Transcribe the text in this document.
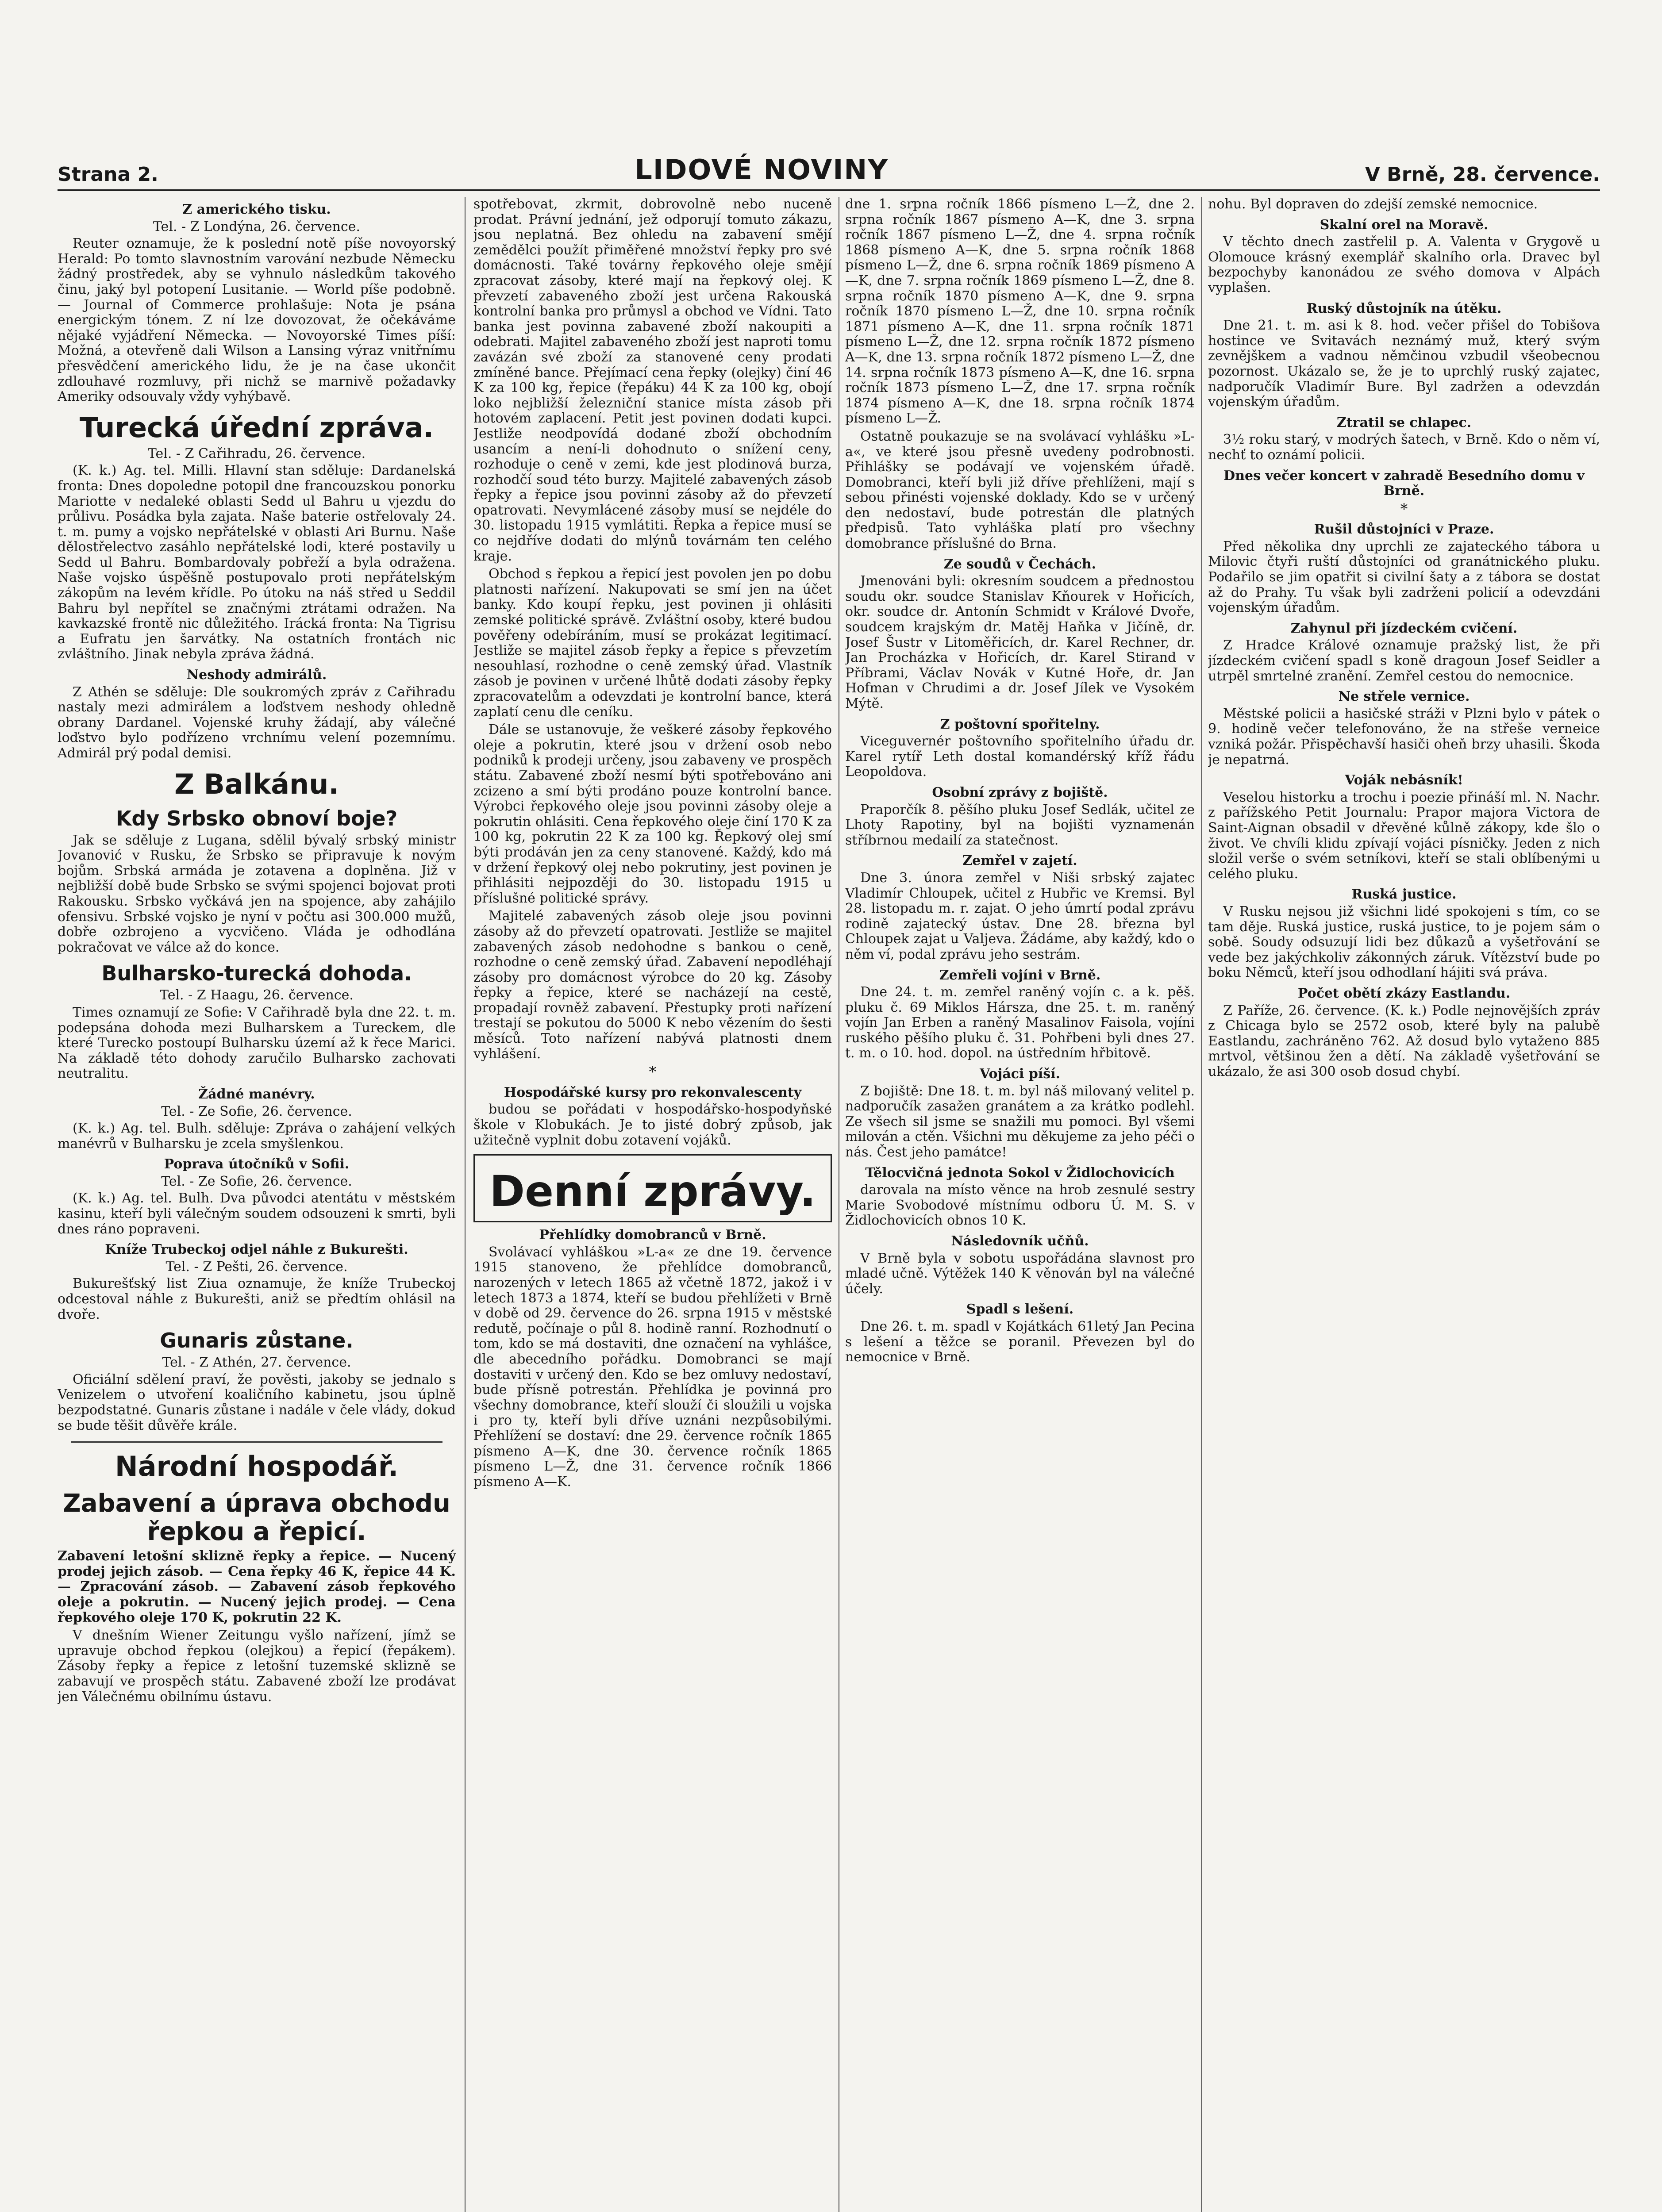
Strana 2.	LIDOVÉ NOVINY	V Brně, 28. července.
Z amerického tisku.
Tel. - Z Londýna, 26. července.

Reuter oznamuje, že k poslední notě píše novoyorský Herald: Po tomto slavnostním varování nezbude Německu žádný prostředek, aby se vyhnulo následkům takového činu, jaký byl potopení Lusitanie. — World píše podobně. — Journal of Commerce prohlašuje: Nota je psána energickým tónem. Z ní lze dovozovat, že očekáváme nějaké vyjádření Německa. — Novoyorské Times píší: Možná, a otevřeně dali Wilson a Lansing výraz vnitřnímu přesvědčení amerického lidu, že je na čase ukončit zdlouhavé rozmluvy, při nichž se marnivě požadavky Ameriky odsouvaly vždy vyhýbavě.

Turecká úřední zpráva.
Tel. - Z Cařihradu, 26. července.

(K. k.) Ag. tel. Milli. Hlavní stan sděluje: Dardanelská fronta: Dnes dopoledne potopil dne francouzskou ponorku Mariotte v nedaleké oblasti Sedd ul Bahru u vjezdu do průlivu. Posádka byla zajata. Naše baterie ostřelovaly 24. t. m. pumy a vojsko nepřátelské v oblasti Ari Burnu. Naše dělostřelectvo zasáhlo nepřátelské lodi, které postavily u Sedd ul Bahru. Bombardovaly pobřeží a byla odražena. Naše vojsko úspěšně postupovalo proti nepřátelským zákopům na levém křídle. Po útoku na náš střed u Seddil Bahru byl nepřítel se značnými ztrátami odražen. Na kavkazské frontě nic důležitého. Irácká fronta: Na Tigrisu a Eufratu jen šarvátky. Na ostatních frontách nic zvláštního. Jinak nebyla zpráva žádná.

Neshody admirálů.

Z Athén se sděluje: Dle soukromých zpráv z Cařihradu nastaly mezi admirálem a loďstvem neshody ohledně obrany Dardanel. Vojenské kruhy žádají, aby válečné loďstvo bylo podřízeno vrchnímu velení pozemnímu. Admirál prý podal demisi.

Z Balkánu.
Kdy Srbsko obnoví boje?

Jak se sděluje z Lugana, sdělil bývalý srbský ministr Jovanović v Rusku, že Srbsko se připravuje k novým bojům. Srbská armáda je zotavena a doplněna. Již v nejbližší době bude Srbsko se svými spojenci bojovat proti Rakousku. Srbsko vyčkává jen na spojence, aby zahájilo ofensivu. Srbské vojsko je nyní v počtu asi 300.000 mužů, dobře ozbrojeno a vycvičeno. Vláda je odhodlána pokračovat ve válce až do konce.

Bulharsko-turecká dohoda.
Tel. - Z Haagu, 26. července.

Times oznamují ze Sofie: V Cařihradě byla dne 22. t. m. podepsána dohoda mezi Bulharskem a Tureckem, dle které Turecko postoupí Bulharsku území až k řece Marici. Na základě této dohody zaručilo Bulharsko zachovati neutralitu.

Žádné manévry.
Tel. - Ze Sofie, 26. července.

(K. k.) Ag. tel. Bulh. sděluje: Zpráva o zahájení velkých manévrů v Bulharsku je zcela smyšlenkou.

Poprava útočníků v Sofii.
Tel. - Ze Sofie, 26. července.

(K. k.) Ag. tel. Bulh. Dva původci atentátu v městském kasinu, kteří byli válečným soudem odsouzeni k smrti, byli dnes ráno popraveni.

Kníže Trubeckoj odjel náhle z Bukurešti.
Tel. - Z Pešti, 26. července.

Bukurešťský list Ziua oznamuje, že kníže Trubeckoj odcestoval náhle z Bukurešti, aniž se předtím ohlásil na dvoře.

Gunaris zůstane.
Tel. - Z Athén, 27. července.

Oficiální sdělení praví, že pověsti, jakoby se jednalo s Venizelem o utvoření koaličního kabinetu, jsou úplně bezpodstatné. Gunaris zůstane i nadále v čele vlády, dokud se bude těšit důvěře krále.

Národní hospodář.
Zabavení a úprava obchodu řepkou a řepicí.

Zabavení letošní sklizně řepky a řepice. — Nucený prodej jejich zásob. — Cena řepky 46 K, řepice 44 K. — Zpracování zásob. — Zabavení zásob řepkového oleje a pokrutin. — Nucený jejich prodej. — Cena řepkového oleje 170 K, pokrutin 22 K.

V dnešním Wiener Zeitungu vyšlo nařízení, jímž se upravuje obchod řepkou (olejkou) a řepicí (řepákem). Zásoby řepky a řepice z letošní tuzemské sklizně se zabavují ve prospěch státu. Zabavené zboží lze prodávat jen Válečnému obilnímu ústavu.

spotřebovat, zkrmit, dobrovolně nebo nuceně prodat. Právní jednání, jež odporují tomuto zákazu, jsou neplatná. Bez ohledu na zabavení smějí zemědělci použít přiměřené množství řepky pro své domácnosti. Také továrny řepkového oleje smějí zpracovat zásoby, které mají na řepkový olej. K převzetí zabaveného zboží jest určena Rakouská kontrolní banka pro průmysl a obchod ve Vídni. Tato banka jest povinna zabavené zboží nakoupiti a odebrati. Majitel zabaveného zboží jest naproti tomu zavázán své zboží za stanovené ceny prodati zmíněné bance. Přejímací cena řepky (olejky) činí 46 K za 100 kg, řepice (řepáku) 44 K za 100 kg, obojí loko nejbližší železniční stanice místa zásob při hotovém zaplacení. Petit jest povinen dodati kupci. Jestliže neodpovídá dodané zboží obchodním usancím a není-li dohodnuto o snížení ceny, rozhoduje o ceně v zemi, kde jest plodinová burza, rozhodčí soud této burzy. Majitelé zabavených zásob řepky a řepice jsou povinni zásoby až do převzetí opatrovati. Nevymlácené zásoby musí se nejdéle do 30. listopadu 1915 vymlátiti. Řepka a řepice musí se co nejdříve dodati do mlýnů továrnám ten celého kraje.

Obchod s řepkou a řepicí jest povolen jen po dobu platnosti nařízení. Nakupovati se smí jen na účet banky. Kdo koupí řepku, jest povinen ji ohlásiti zemské politické správě. Zvláštní osoby, které budou pověřeny odebíráním, musí se prokázat legitimací. Jestliže se majitel zásob řepky a řepice s převzetím nesouhlasí, rozhodne o ceně zemský úřad. Vlastník zásob je povinen v určené lhůtě dodati zásoby řepky zpracovatelům a odevzdati je kontrolní bance, která zaplatí cenu dle ceníku.

Dále se ustanovuje, že veškeré zásoby řepkového oleje a pokrutin, které jsou v držení osob nebo podniků k prodeji určeny, jsou zabaveny ve prospěch státu. Zabavené zboží nesmí býti spotřebováno ani zcizeno a smí býti prodáno pouze kontrolní bance. Výrobci řepkového oleje jsou povinni zásoby oleje a pokrutin ohlásiti. Cena řepkového oleje činí 170 K za 100 kg, pokrutin 22 K za 100 kg. Řepkový olej smí býti prodáván jen za ceny stanovené. Každý, kdo má v držení řepkový olej nebo pokrutiny, jest povinen je přihlásiti nejpozději do 30. listopadu 1915 u příslušné politické správy.

Majitelé zabavených zásob oleje jsou povinni zásoby až do převzetí opatrovati. Jestliže se majitel zabavených zásob nedohodne s bankou o ceně, rozhodne o ceně zemský úřad. Zabavení nepodléhají zásoby pro domácnost výrobce do 20 kg. Zásoby řepky a řepice, které se nacházejí na cestě, propadají rovněž zabavení. Přestupky proti nařízení trestají se pokutou do 5000 K nebo vězením do šesti měsíců. Toto nařízení nabývá platnosti dnem vyhlášení.

*
Hospodářské kursy pro rekonvalescenty

budou se pořádati v hospodářsko-hospodyňské škole v Klobukách. Je to jisté dobrý způsob, jak užitečně vyplnit dobu zotavení vojáků.

Denní zprávy.
Přehlídky domobranců v Brně.

Svolávací vyhláškou »L-a« ze dne 19. července 1915 stanoveno, že přehlídce domobranců, narozených v letech 1865 až včetně 1872, jakož i v letech 1873 a 1874, kteří se budou přehlížeti v Brně v době od 29. července do 26. srpna 1915 v městské redutě, počínaje o půl 8. hodině ranní. Rozhodnutí o tom, kdo se má dostaviti, dne označení na vyhlášce, dle abecedního pořádku. Domobranci se mají dostaviti v určený den. Kdo se bez omluvy nedostaví, bude přísně potrestán. Přehlídka je povinná pro všechny domobrance, kteří slouží či sloužili u vojska i pro ty, kteří byli dříve uznáni nezpůsobilými. Přehlížení se dostaví: dne 29. července ročník 1865 písmeno A—K, dne 30. července ročník 1865 písmeno L—Ž, dne 31. července ročník 1866 písmeno A—K.

dne 1. srpna ročník 1866 písmeno L—Ž, dne 2. srpna ročník 1867 písmeno A—K, dne 3. srpna ročník 1867 písmeno L—Ž, dne 4. srpna ročník 1868 písmeno A—K, dne 5. srpna ročník 1868 písmeno L—Ž, dne 6. srpna ročník 1869 písmeno A—K, dne 7. srpna ročník 1869 písmeno L—Ž, dne 8. srpna ročník 1870 písmeno A—K, dne 9. srpna ročník 1870 písmeno L—Ž, dne 10. srpna ročník 1871 písmeno A—K, dne 11. srpna ročník 1871 písmeno L—Ž, dne 12. srpna ročník 1872 písmeno A—K, dne 13. srpna ročník 1872 písmeno L—Ž, dne 14. srpna ročník 1873 písmeno A—K, dne 16. srpna ročník 1873 písmeno L—Ž, dne 17. srpna ročník 1874 písmeno A—K, dne 18. srpna ročník 1874 písmeno L—Ž.

Ostatně poukazuje se na svolávací vyhlášku »L-a«, ve které jsou přesně uvedeny podrobnosti. Přihlášky se podávají ve vojenském úřadě. Domobranci, kteří byli již dříve přehlíženi, mají s sebou přinésti vojenské doklady. Kdo se v určený den nedostaví, bude potrestán dle platných předpisů. Tato vyhláška platí pro všechny domobrance příslušné do Brna.

Ze soudů v Čechách.

Jmenováni byli: okresním soudcem a přednostou soudu okr. soudce Stanislav Kňourek v Hořicích, okr. soudce dr. Antonín Schmidt v Králové Dvoře, soudcem krajským dr. Matěj Haňka v Jičíně, dr. Josef Šustr v Litoměřicích, dr. Karel Rechner, dr. Jan Procházka v Hořicích, dr. Karel Stirand v Příbrami, Václav Novák v Kutné Hoře, dr. Jan Hofman v Chrudimi a dr. Josef Jílek ve Vysokém Mýtě.

Z poštovní spořitelny.

Viceguvernér poštovního spořitelního úřadu dr. Karel rytíř Leth dostal komandérský kříž řádu Leopoldova.

Osobní zprávy z bojiště.

Praporčík 8. pěšího pluku Josef Sedlák, učitel ze Lhoty Rapotiny, byl na bojišti vyznamenán stříbrnou medailí za statečnost.

Zemřel v zajetí.

Dne 3. února zemřel v Niši srbský zajatec Vladimír Chloupek, učitel z Hubřic ve Kremsi. Byl 28. listopadu m. r. zajat. O jeho úmrtí podal zprávu rodině zajatecký ústav. Dne 28. března byl Chloupek zajat u Valjeva. Žádáme, aby každý, kdo o něm ví, podal zprávu jeho sestrám.

Zemřeli vojíni v Brně.

Dne 24. t. m. zemřel raněný vojín c. a k. pěš. pluku č. 69 Miklos Hársza, dne 25. t. m. raněný vojín Jan Erben a raněný Masalinov Faisola, vojíni ruského pěšího pluku č. 31. Pohřbeni byli dnes 27. t. m. o 10. hod. dopol. na ústředním hřbitově.

Vojáci píší.

Z bojiště: Dne 18. t. m. byl náš milovaný velitel p. nadporučík zasažen granátem a za krátko podlehl. Ze všech sil jsme se snažili mu pomoci. Byl všemi milován a ctěn. Všichni mu děkujeme za jeho péči o nás. Čest jeho památce!

Tělocvičná jednota Sokol v Židlochovicích

darovala na místo věnce na hrob zesnulé sestry Marie Svobodové místnímu odboru Ú. M. S. v Židlochovicích obnos 10 K.

Následovník učňů.

V Brně byla v sobotu uspořádána slavnost pro mladé učně. Výtěžek 140 K věnován byl na válečné účely.

Spadl s lešení.

Dne 26. t. m. spadl v Kojátkách 61letý Jan Pecina s lešení a těžce se poranil. Převezen byl do nemocnice v Brně.

nohu. Byl dopraven do zdejší zemské nemocnice.

Skalní orel na Moravě.

V těchto dnech zastřelil p. A. Valenta v Grygově u Olomouce krásný exemplář skalního orla. Dravec byl bezpochyby kanonádou ze svého domova v Alpách vyplašen.

Ruský důstojník na útěku.

Dne 21. t. m. asi k 8. hod. večer přišel do Tobišova hostince ve Svitavách neznámý muž, který svým zevnějškem a vadnou němčinou vzbudil všeobecnou pozornost. Ukázalo se, že je to uprchlý ruský zajatec, nadporučík Vladimír Bure. Byl zadržen a odevzdán vojenským úřadům.

Ztratil se chlapec.

3½ roku starý, v modrých šatech, v Brně. Kdo o něm ví, nechť to oznámí policii.

Dnes večer koncert v zahradě Besedního domu v Brně.
*
Rušil důstojníci v Praze.

Před několika dny uprchli ze zajateckého tábora u Milovic čtyři ruští důstojníci od granátnického pluku. Podařilo se jim opatřit si civilní šaty a z tábora se dostat až do Prahy. Tu však byli zadrženi policií a odevzdáni vojenským úřadům.

Zahynul při jízdeckém cvičení.

Z Hradce Králové oznamuje pražský list, že při jízdeckém cvičení spadl s koně dragoun Josef Seidler a utrpěl smrtelné zranění. Zemřel cestou do nemocnice.

Ne střele vernice.

Městské policii a hasičské stráži v Plzni bylo v pátek o 9. hodině večer telefonováno, že na střeše verneice vzniká požár. Přispěchavší hasiči oheň brzy uhasili. Škoda je nepatrná.

Voják nebásník!

Veselou historku a trochu i poezie přináší ml. N. Nachr. z pařížského Petit Journalu: Prapor majora Victora de Saint-Aignan obsadil v dřevěné kůlně zákopy, kde šlo o život. Ve chvíli klidu zpívají vojáci písničky. Jeden z nich složil verše o svém setníkovi, kteří se stali oblíbenými u celého pluku.

Ruská justice.

V Rusku nejsou již všichni lidé spokojeni s tím, co se tam děje. Ruská justice, ruská justice, to je pojem sám o sobě. Soudy odsuzují lidi bez důkazů a vyšetřování se vede bez jakýchkoliv zákonných záruk. Vítězství bude po boku Němců, kteří jsou odhodlaní hájiti svá práva.

Počet obětí zkázy Eastlandu.

Z Paříže, 26. července. (K. k.) Podle nejnovějších zpráv z Chicaga bylo se 2572 osob, které byly na palubě Eastlandu, zachráněno 762. Až dosud bylo vytaženo 885 mrtvol, většinou žen a dětí. Na základě vyšetřování se ukázalo, že asi 300 osob dosud chybí.
